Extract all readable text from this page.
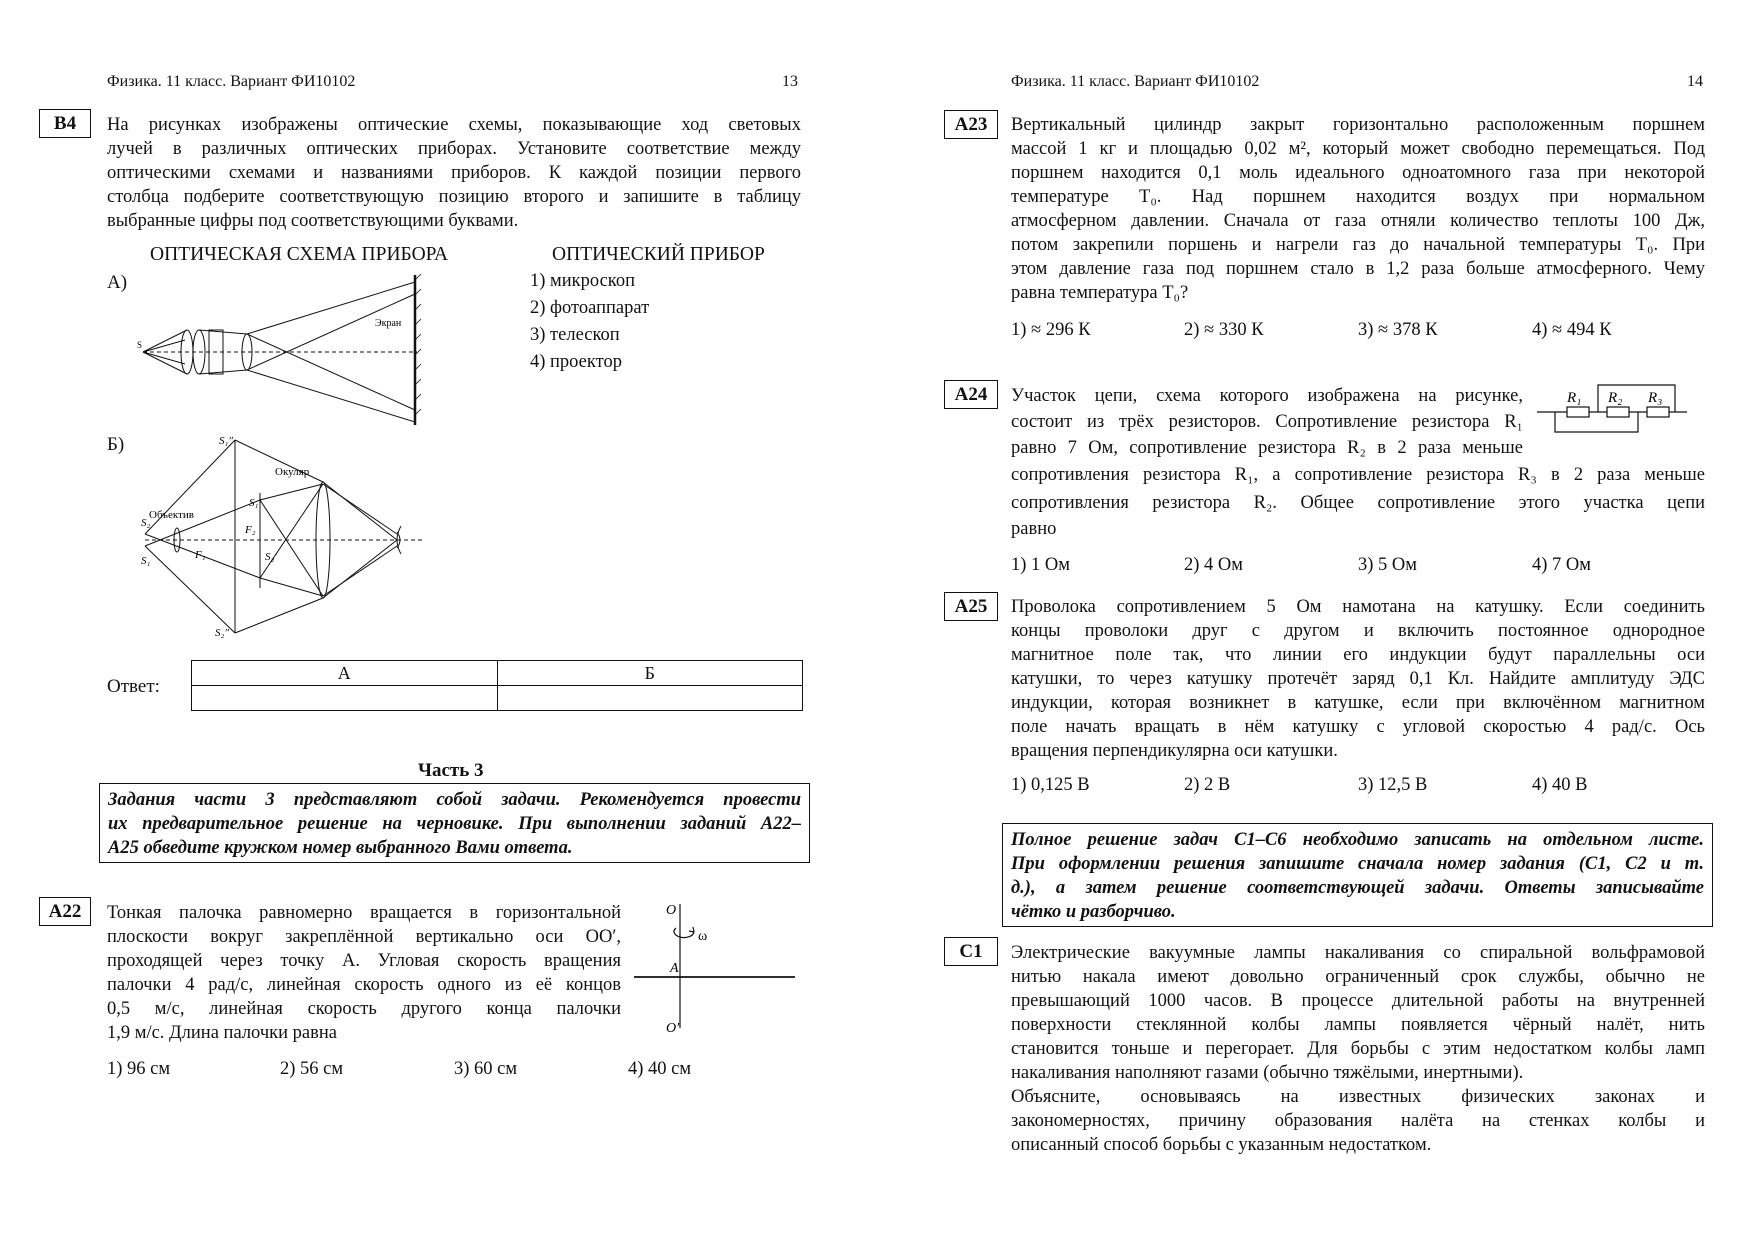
Физика. 11 класс. Вариант ФИ10102	13
B4	На рисунках изображены оптические схемы, показывающие ход световых
лучей в различных оптических приборах. Установите соответствие между
оптическими схемами и названиями приборов. К каждой позиции первого
столбца подберите соответствующую позицию второго и запишите в таблицу
выбранные цифры под соответствующими буквами.
ОПТИЧЕСКАЯ СХЕМА ПРИБОРА	ОПТИЧЕСКИЙ ПРИБОР
А)
Б)
1) микроскоп
2) фотоаппарат
3) телескоп
4) проектор
Экран
S
Объектив
Окуляр
S₁″
S₁′
S₂′
S₂
S₁	F₁
F₂
S₂″
Ответ:
А	Б

Часть 3
Задания части 3 представляют собой задачи. Рекомендуется провести
их предварительное решение на черновике. При выполнении заданий A22–
A25 обведите кружком номер выбранного Вами ответа.
A22	Тонкая палочка равномерно вращается в горизонтальной
плоскости вокруг закреплённой вертикально оси OO′,
проходящей через точку A. Угловая скорость вращения
палочки 4 рад/с, линейная скорость одного из её концов
0,5 м/с, линейная скорость другого конца палочки
1,9 м/с. Длина палочки равна
O
O′
A
ω
1) 96 см	2) 56 см	3) 60 см	4) 40 см
Физика. 11 класс. Вариант ФИ10102	14
A23	Вертикальный цилиндр закрыт горизонтально расположенным поршнем
массой 1 кг и площадью 0,02 м², который может свободно перемещаться. Под
поршнем находится 0,1 моль идеального одноатомного газа при некоторой
температуре T₀. Над поршнем находится воздух при нормальном
атмосферном давлении. Сначала от газа отняли количество теплоты 100 Дж,
потом закрепили поршень и нагрели газ до начальной температуры T₀. При
этом давление газа под поршнем стало в 1,2 раза больше атмосферного. Чему
равна температура T₀?
1) ≈ 296 К	2) ≈ 330 К	3) ≈ 378 К	4) ≈ 494 К
A24	Участок цепи, схема которого изображена на рисунке,
состоит из трёх резисторов. Сопротивление резистора R₁
равно 7 Ом, сопротивление резистора R₂ в 2 раза меньше
сопротивления резистора R₁, а сопротивление резистора R₃ в 2 раза меньше
сопротивления резистора R₂. Общее сопротивление этого участка цепи
равно
R₁ R₂ R₃
1) 1 Ом	2) 4 Ом	3) 5 Ом	4) 7 Ом
A25	Проволока сопротивлением 5 Ом намотана на катушку. Если соединить
концы проволоки друг с другом и включить постоянное однородное
магнитное поле так, что линии его индукции будут параллельны оси
катушки, то через катушку протечёт заряд 0,1 Кл. Найдите амплитуду ЭДС
индукции, которая возникнет в катушке, если при включённом магнитном
поле начать вращать в нём катушку с угловой скоростью 4 рад/с. Ось
вращения перпендикулярна оси катушки.
1) 0,125 В	2) 2 В	3) 12,5 В	4) 40 В
Полное решение задач C1–C6 необходимо записать на отдельном листе.
При оформлении решения запишите сначала номер задания (C1, C2 и т.
д.), а затем решение соответствующей задачи. Ответы записывайте
чётко и разборчиво.
C1	Электрические вакуумные лампы накаливания со спиральной вольфрамовой
нитью накала имеют довольно ограниченный срок службы, обычно не
превышающий 1000 часов. В процессе длительной работы на внутренней
поверхности стеклянной колбы лампы появляется чёрный налёт, нить
становится тоньше и перегорает. Для борьбы с этим недостатком колбы ламп
накаливания наполняют газами (обычно тяжёлыми, инертными).
Объясните, основываясь на известных физических законах и
закономерностях, причину образования налёта на стенках колбы и
описанный способ борьбы с указанным недостатком.
